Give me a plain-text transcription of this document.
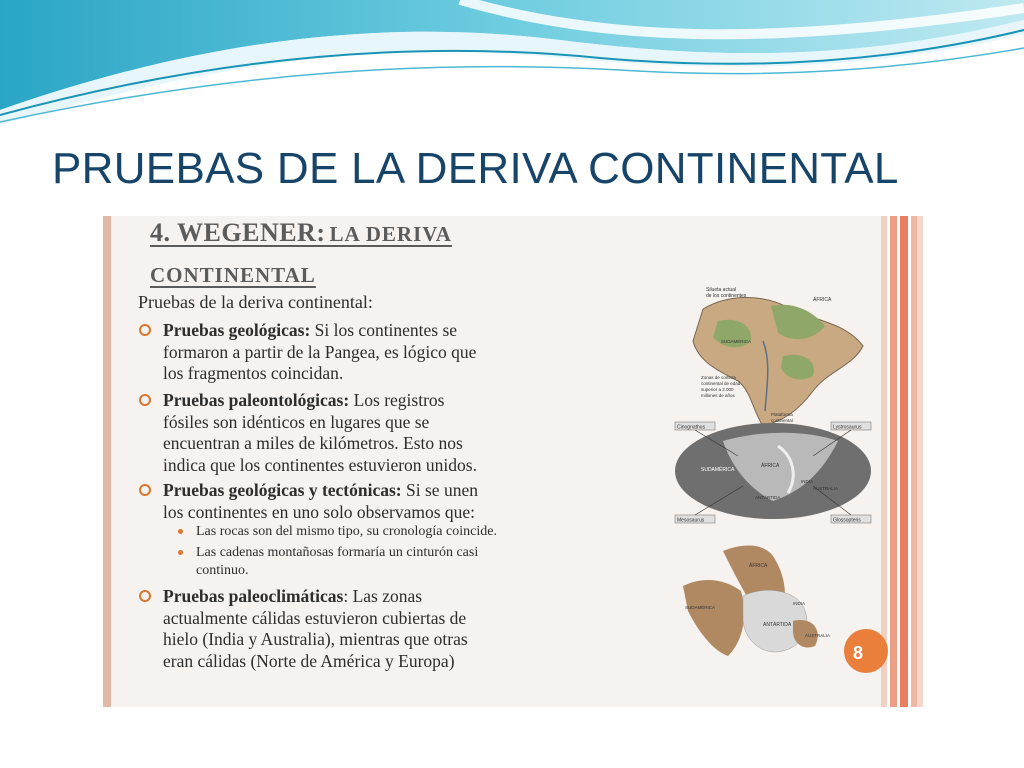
PRUEBAS DE LA DERIVA CONTINENTAL
4. WEGENER: LA DERIVA
CONTINENTAL
Pruebas de la deriva continental:
Pruebas geológicas: Si los continentes se
formaron a partir de la Pangea, es lógico que
los fragmentos coincidan.
Pruebas paleontológicas: Los registros
fósiles son idénticos en lugares que se
encuentran a miles de kilómetros. Esto nos
indica que los continentes estuvieron unidos.
Pruebas geológicas y tectónicas: Si se unen
los continentes en uno solo observamos que:
Las rocas son del mismo tipo, su cronología coincide.
Las cadenas montañosas formaría un cinturón casi
continuo.
Pruebas paleoclimáticas: Las zonas
actualmente cálidas estuvieron cubiertas de
hielo (India y Australia), mientras que otras
eran cálidas (Norte de América y Europa)
Silueta actual
de los continentes
ÁFRICA
SUDAMÉRICA
Zonas de corteza
continental de edad
superior a 2.000
millones de años
Plataforma
continental
Cinognathus	Lystrosaurus
Mesosaurus	Glossopteris
SUDAMÉRICA
ÁFRICA
INDIA
AUSTRALIA
ANTÁRTIDA
ÁFRICA
SUDAMÉRICA
INDIA
ANTÁRTIDA
AUSTRALIA
8
